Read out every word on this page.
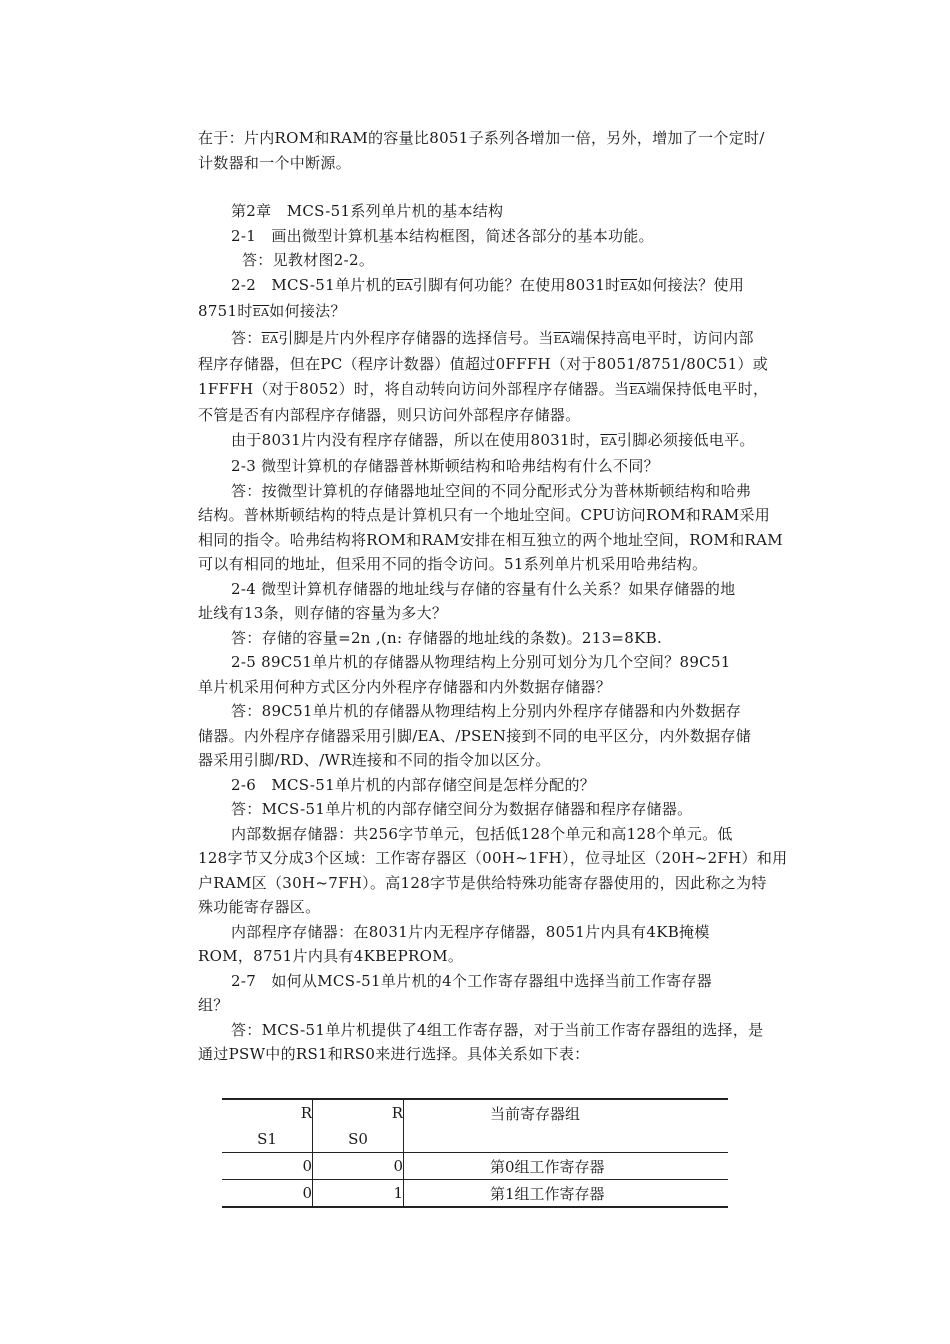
在于：片内ROM和RAM的容量比8051子系列各增加一倍，另外，增加了一个定时/

计数器和一个中断源。

第2章　MCS-51系列单片机的基本结构

2-1　画出微型计算机基本结构框图，简述各部分的基本功能。

答：见教材图2-2。

2-2　MCS-51单片机的$\overline{EA}$引脚有何功能？在使用8031时$\overline{EA}$如何接法？使用

8751时$\overline{EA}$如何接法？

答：$\overline{EA}$引脚是片内外程序存储器的选择信号。当$\overline{EA}$端保持高电平时，访问内部

程序存储器，但在PC（程序计数器）值超过0FFFH（对于8051/8751/80C51）或

1FFFH（对于8052）时，将自动转向访问外部程序存储器。当$\overline{EA}$端保持低电平时，

不管是否有内部程序存储器，则只访问外部程序存储器。

由于8031片内没有程序存储器，所以在使用8031时，$\overline{EA}$引脚必须接低电平。

2-3 微型计算机的存储器普林斯顿结构和哈弗结构有什么不同？

答：按微型计算机的存储器地址空间的不同分配形式分为普林斯顿结构和哈弗

结构。普林斯顿结构的特点是计算机只有一个地址空间。CPU访问ROM和RAM采用

相同的指令。哈弗结构将ROM和RAM安排在相互独立的两个地址空间，ROM和RAM

可以有相同的地址，但采用不同的指令访问。51系列单片机采用哈弗结构。

2-4 微型计算机存储器的地址线与存储的容量有什么关系？如果存储器的地

址线有13条，则存储的容量为多大？

答：存储的容量=2n ,(n: 存储器的地址线的条数)。213=8KB.

2-5 89C51单片机的存储器从物理结构上分别可划分为几个空间？89C51

单片机采用何种方式区分内外程序存储器和内外数据存储器？

答：89C51单片机的存储器从物理结构上分别内外程序存储器和内外数据存

储器。内外程序存储器采用引脚/EA、/PSEN接到不同的电平区分，内外数据存储

器采用引脚/RD、/WR连接和不同的指令加以区分。

2-6　MCS-51单片机的内部存储空间是怎样分配的？

答：MCS-51单片机的内部存储空间分为数据存储器和程序存储器。

内部数据存储器：共256字节单元，包括低128个单元和高128个单元。低

128字节又分成3个区域：工作寄存器区（00H~1FH），位寻址区（20H~2FH）和用

户RAM区（30H~7FH）。高128字节是供给特殊功能寄存器使用的，因此称之为特

殊功能寄存器区。

内部程序存储器：在8031片内无程序存储器，8051片内具有4KB掩模

ROM，8751片内具有4KBEPROM。

2-7　如何从MCS-51单片机的4个工作寄存器组中选择当前工作寄存器

组？

答：MCS-51单片机提供了4组工作寄存器，对于当前工作寄存器组的选择，是

通过PSW中的RS1和RS0来进行选择。具体关系如下表：

R	R	当前寄存器组
S1	S0	
0	0	第0组工作寄存器
0	1	第1组工作寄存器
